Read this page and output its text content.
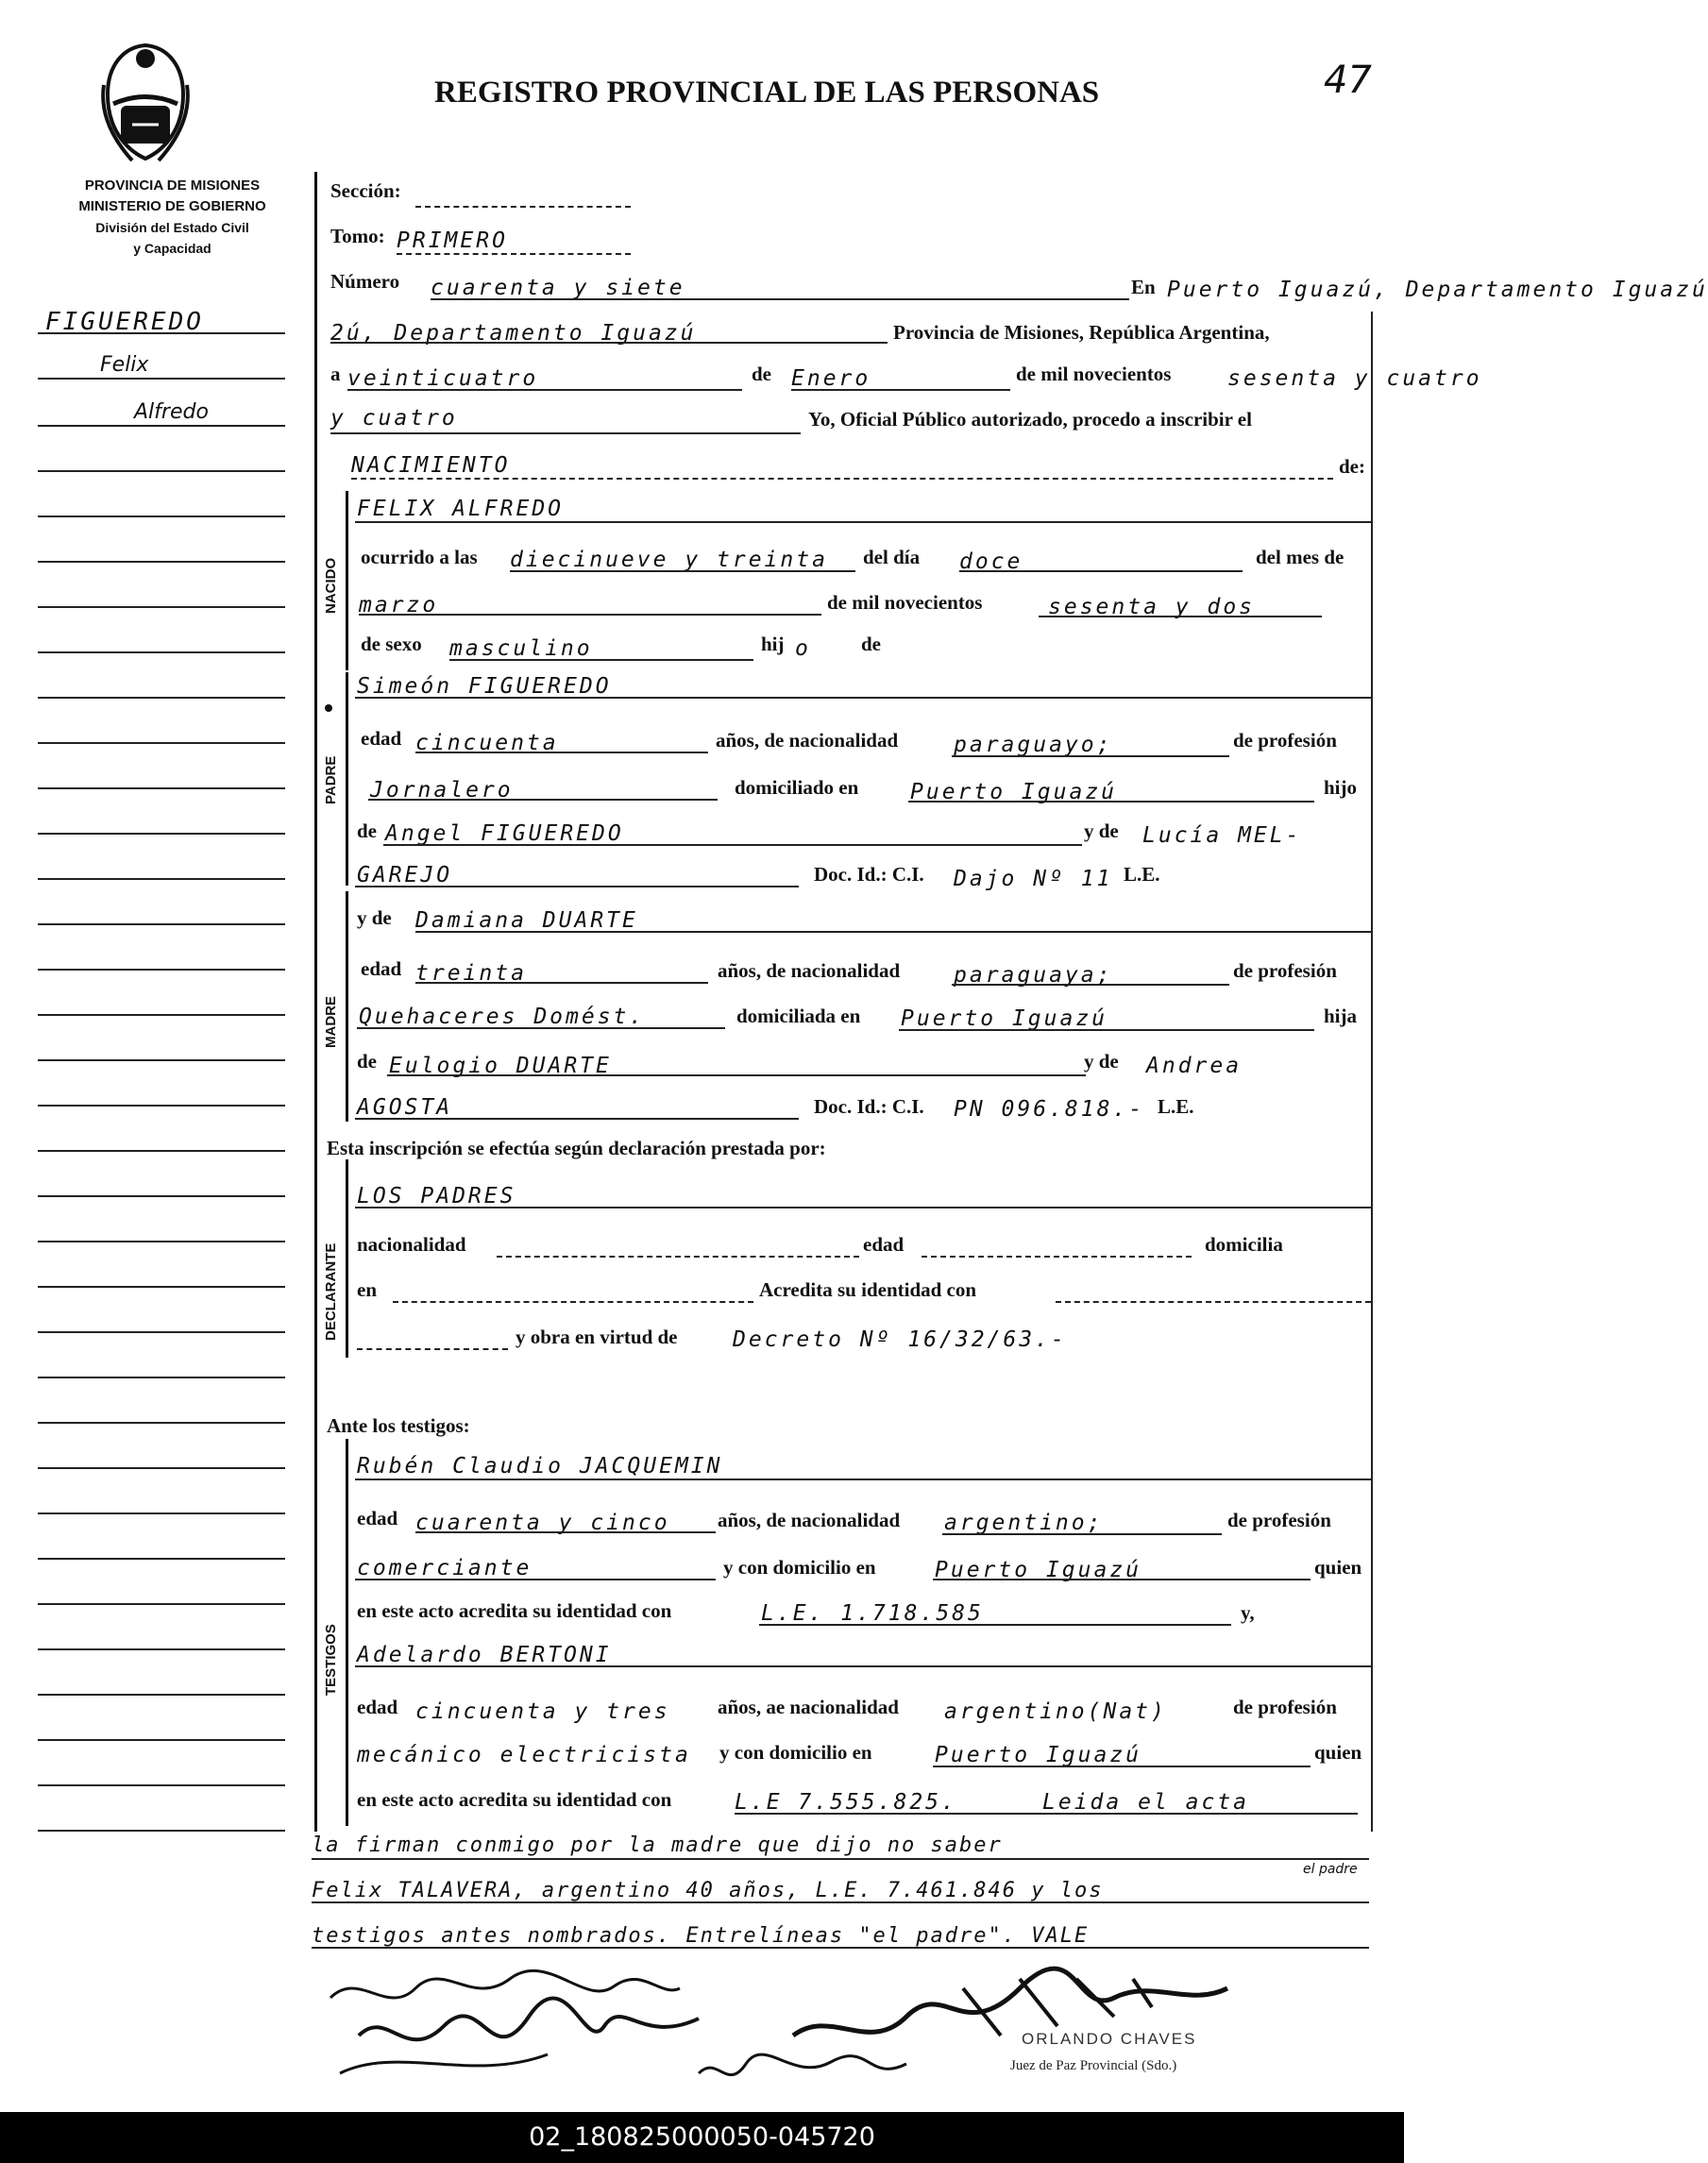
REGISTRO PROVINCIAL DE LAS PERSONAS	47
PROVINCIA DE MISIONES
MINISTERIO DE GOBIERNO
División del Estado Civil
y Capacidad
FIGUEREDO
Felix
Alfredo
Sección:
Tomo: PRIMERO
Número cuarenta y siete	En Puerto Iguazú, Departamento Iguazú
2ú, Departamento Iguazú	Provincia de Misiones, República Argentina,
a veinticuatro	de Enero	de mil novecientos	sesenta y cuatro
y cuatro	Yo, Oficial Público autorizado, procedo a inscribir el
NACIMIENTO	de:
NACIDO
FELIX ALFREDO
ocurrido a las diecinueve y treinta del día doce	del mes de
marzo	de mil novecientos	sesenta y dos
de sexo masculino	hij o	de
PADRE
Simeón FIGUEREDO
edad cincuenta	años, de nacionalidad	paraguayo;	de profesión
Jornalero	domiciliado en Puerto Iguazú	hijo
de Angel FIGUEREDO	y de Lucía MEL-
GAREJO	Doc. Id.: C.I. Dajo Nº 11 L.E.
MADRE
y de Damiana DUARTE
edad treinta	años, de nacionalidad paraguaya;	de profesión
Quehaceres Domést.	domiciliada en Puerto Iguazú	hija
de Eulogio DUARTE	y de Andrea
AGOSTA	Doc. Id.: C.I. PN 096.818.- L.E.
Esta inscripción se efectúa según declaración prestada por:
DECLARANTE
LOS PADRES
nacionalidad	edad	domicilia
en	Acredita su identidad con
y obra en virtud de	Decreto Nº 16/32/63.-
Ante los testigos:
TESTIGOS
Rubén Claudio JACQUEMIN
edad cuarenta y cinco años, de nacionalidad argentino;	de profesión
comerciante	y con domicilio en	Puerto Iguazú	quien
en este acto acredita su identidad con	L.E. 1.718.585	y,
Adelardo BERTONI
edad cincuenta y tres años, ae nacionalidad argentino(Nat)	de profesión
mecánico electricista y con domicilio en	Puerto Iguazú	quien
en este acto acredita su identidad con	L.E 7.555.825.	Leida el acta
la firman conmigo por la madre que dijo no saber
el padre
Felix TALAVERA, argentino 40 años, L.E. 7.461.846 y los
testigos antes nombrados. Entrelíneas "el padre". VALE
ORLANDO CHAVES
Juez de Paz Provincial (Sdo.)
02_180825000050-045720
